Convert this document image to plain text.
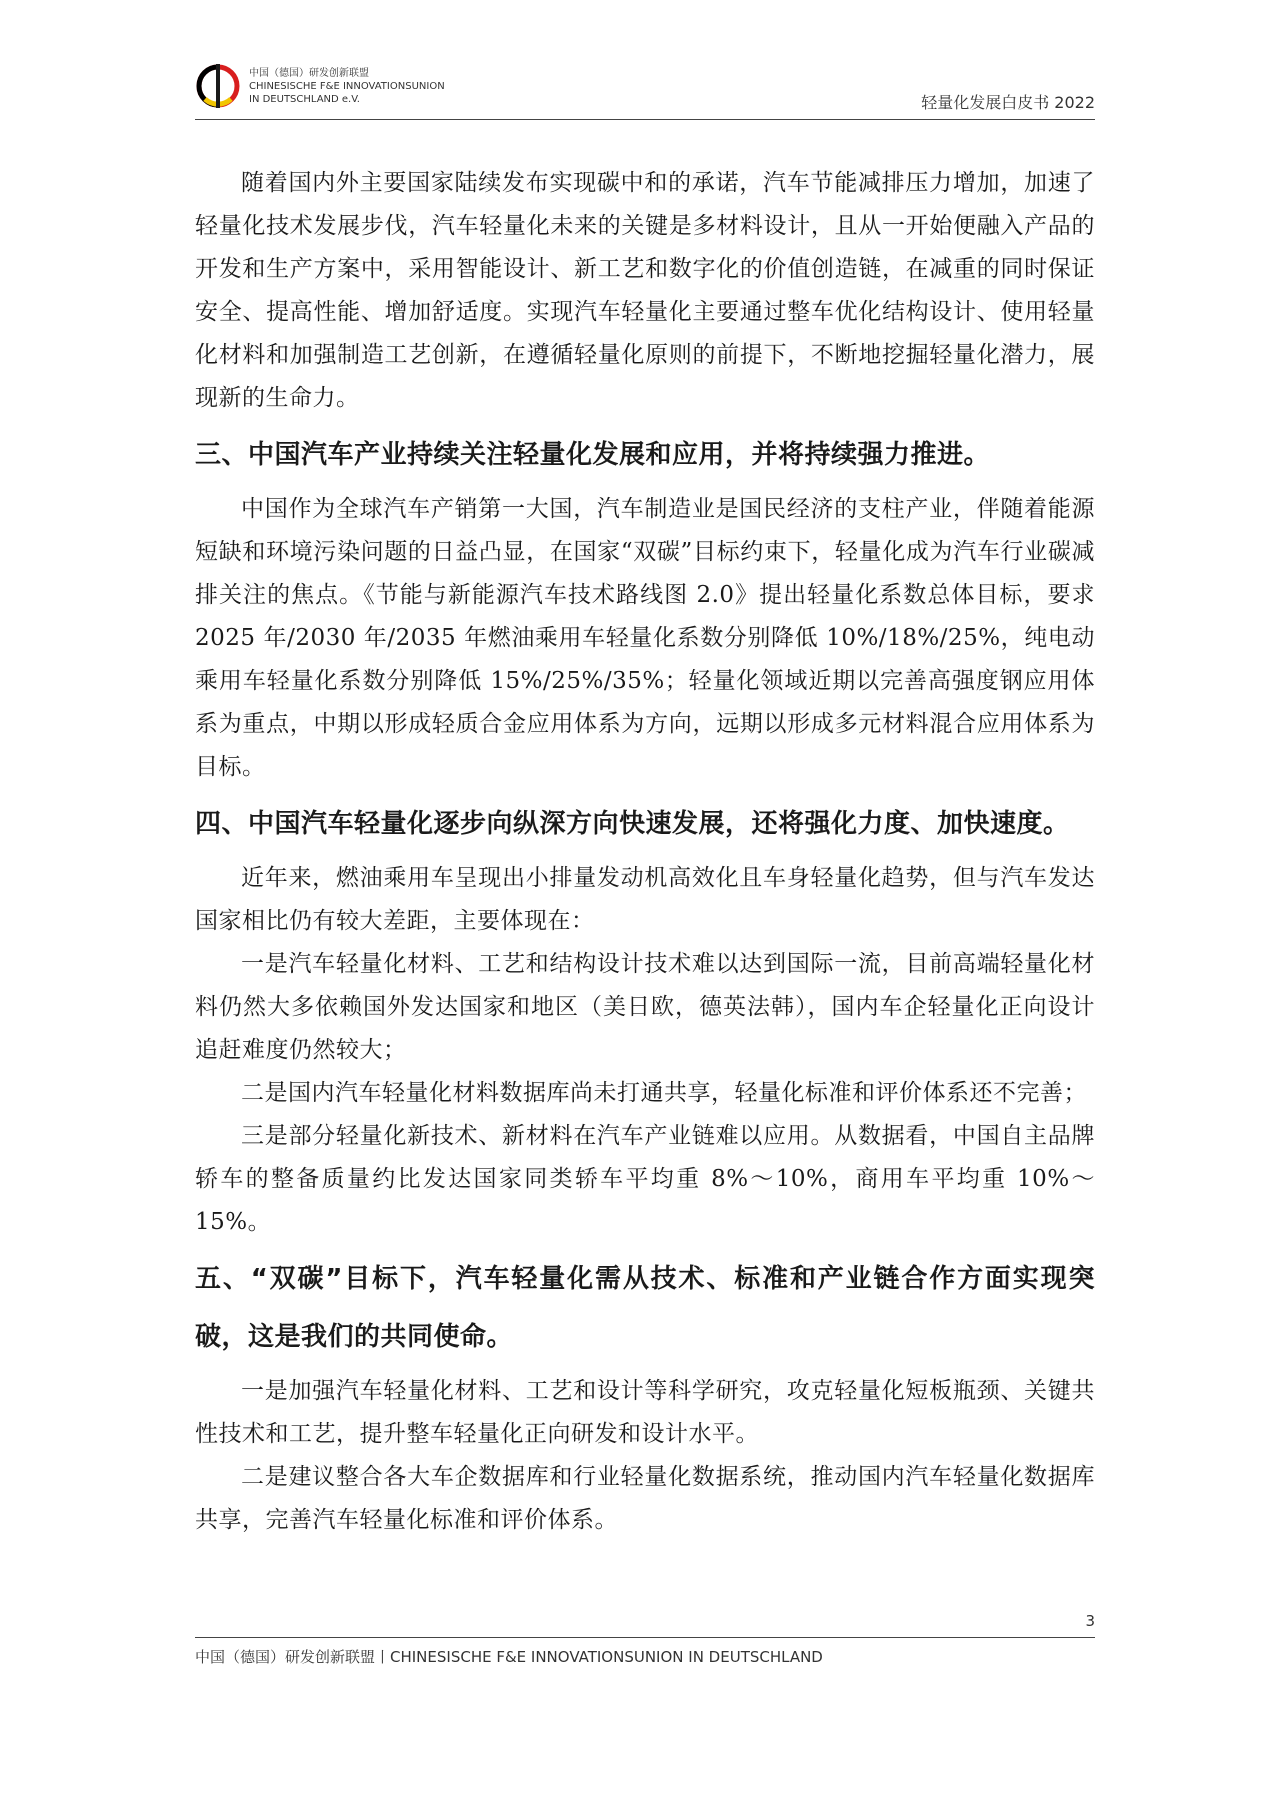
中国（德国）研发创新联盟
CHINESISCHE F&E INNOVATIONSUNION
IN DEUTSCHLAND e.V.	轻量化发展白皮书 2022

随着国内外主要国家陆续发布实现碳中和的承诺，汽车节能减排压力增加，加速了轻量化技术发展步伐，汽车轻量化未来的关键是多材料设计，且从一开始便融入产品的开发和生产方案中，采用智能设计、新工艺和数字化的价值创造链，在减重的同时保证安全、提高性能、增加舒适度。实现汽车轻量化主要通过整车优化结构设计、使用轻量化材料和加强制造工艺创新，在遵循轻量化原则的前提下，不断地挖掘轻量化潜力，展现新的生命力。

三、中国汽车产业持续关注轻量化发展和应用，并将持续强力推进。

中国作为全球汽车产销第一大国，汽车制造业是国民经济的支柱产业，伴随着能源短缺和环境污染问题的日益凸显，在国家“双碳”目标约束下，轻量化成为汽车行业碳减排关注的焦点。《节能与新能源汽车技术路线图 2.0》提出轻量化系数总体目标，要求 2025 年/2030 年/2035 年燃油乘用车轻量化系数分别降低 10%/18%/25%，纯电动乘用车轻量化系数分别降低 15%/25%/35%；轻量化领域近期以完善高强度钢应用体系为重点，中期以形成轻质合金应用体系为方向，远期以形成多元材料混合应用体系为目标。

四、中国汽车轻量化逐步向纵深方向快速发展，还将强化力度、加快速度。

近年来，燃油乘用车呈现出小排量发动机高效化且车身轻量化趋势，但与汽车发达国家相比仍有较大差距，主要体现在：

一是汽车轻量化材料、工艺和结构设计技术难以达到国际一流，目前高端轻量化材料仍然大多依赖国外发达国家和地区（美日欧，德英法韩），国内车企轻量化正向设计追赶难度仍然较大；

二是国内汽车轻量化材料数据库尚未打通共享，轻量化标准和评价体系还不完善；

三是部分轻量化新技术、新材料在汽车产业链难以应用。从数据看，中国自主品牌轿车的整备质量约比发达国家同类轿车平均重 8%～10%，商用车平均重 10%～15%。

五、“双碳”目标下，汽车轻量化需从技术、标准和产业链合作方面实现突破，这是我们的共同使命。

一是加强汽车轻量化材料、工艺和设计等科学研究，攻克轻量化短板瓶颈、关键共性技术和工艺，提升整车轻量化正向研发和设计水平。

二是建议整合各大车企数据库和行业轻量化数据系统，推动国内汽车轻量化数据库共享，完善汽车轻量化标准和评价体系。

3
中国（德国）研发创新联盟丨CHINESISCHE F&E INNOVATIONSUNION IN DEUTSCHLAND
